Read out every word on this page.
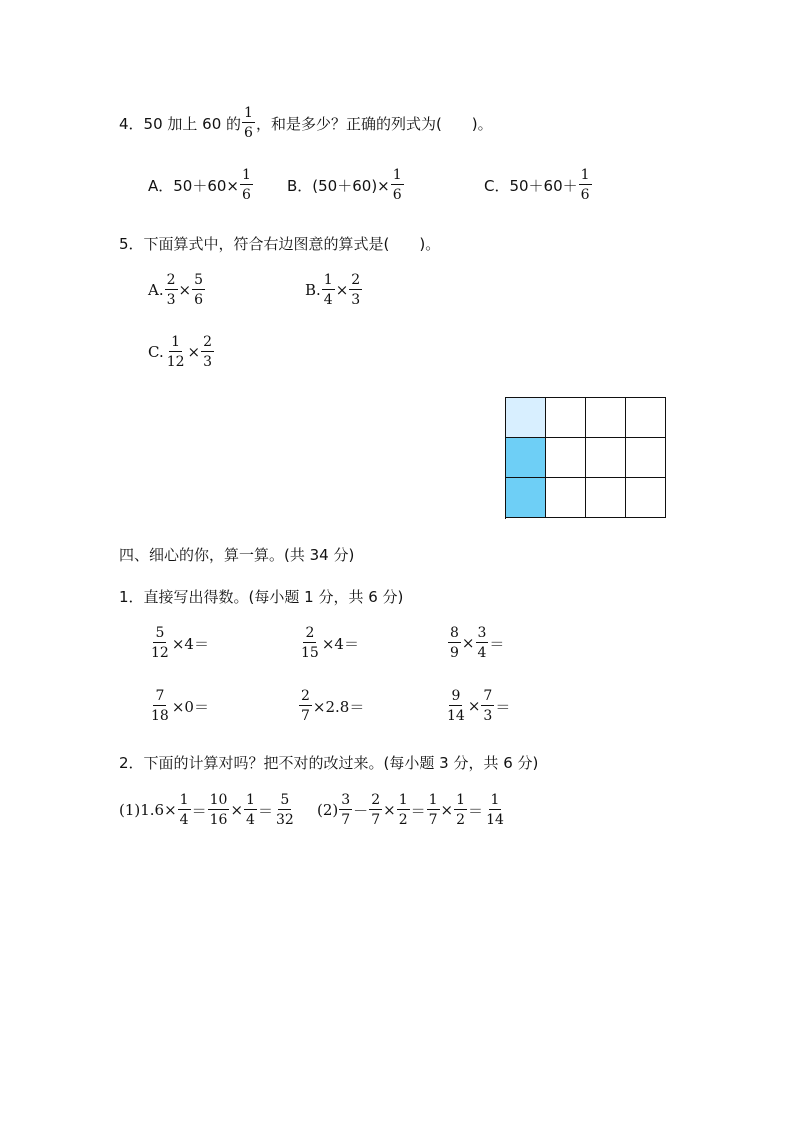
4．50 加上 60 的 $\frac{1}{6}$ ，和是多少？正确的列式为(　　)。
A．$50+60\times \frac{1}{6}$ B．$(50+60)\times \frac{1}{6}$	C．$50+60+ \frac{1}{6}$
5．下面算式中，符合右边图意的算式是(　　)。
A. $\frac{2}{3} \times \frac{5}{6}$	B. $\frac{1}{4} \times \frac{2}{3}$
C. $\frac{1}{12} \times \frac{2}{3}$
四、细心的你，算一算。(共 34 分)
1．直接写出得数。(每小题 1 分，共 6 分)
$\frac{5}{12} \times 4=$	$\frac{2}{15} \times 4=$	$\frac{8}{9} \times \frac{3}{4}$ ＝
$\frac{7}{18} \times 0=$	$\frac{2}{7} \times 2.8=$	$\frac{9}{14} \times \frac{7}{3}$ ＝
2．下面的计算对吗？把不对的改过来。(每小题 3 分，共 6 分)
$(1)1.6\times \frac{1}{4} = \frac{10}{16} \times \frac{1}{4} = \frac{5}{32} (2) \frac{3}{7} - \frac{2}{7} \times \frac{1}{2} = \frac{1}{7} \times \frac{1}{2} = \frac{1}{14}$
